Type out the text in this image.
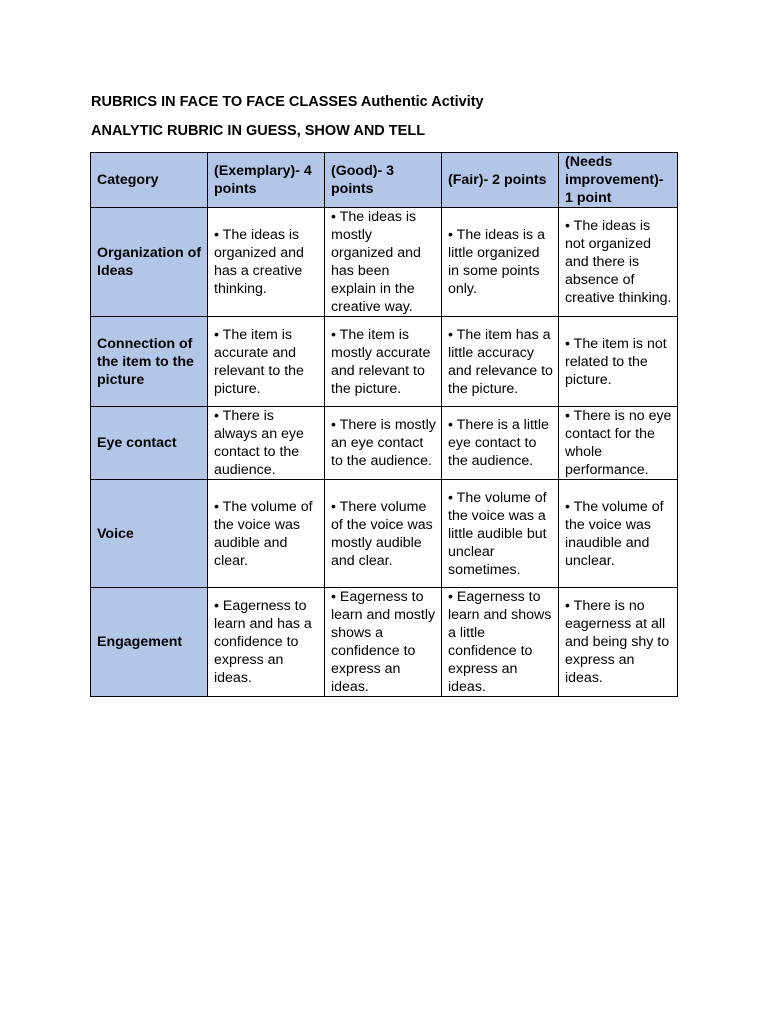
RUBRICS IN FACE TO FACE CLASSES Authentic Activity
ANALYTIC RUBRIC IN GUESS, SHOW AND TELL
Category	(Exemplary)- 4 points	(Good)- 3 points	(Fair)- 2 points	(Needs improvement)- 1 point
Organization of Ideas	• The ideas is organized and has a creative thinking.	• The ideas is mostly organized and has been explain in the creative way.	• The ideas is a little organized in some points only.	• The ideas is not organized and there is absence of creative thinking.
Connection of the item to the picture	• The item is accurate and relevant to the picture.	• The item is mostly accurate and relevant to the picture.	• The item has a little accuracy and relevance to the picture.	• The item is not related to the picture.
Eye contact	• There is always an eye contact to the audience.	• There is mostly an eye contact to the audience.	• There is a little eye contact to the audience.	• There is no eye contact for the whole performance.
Voice	• The volume of the voice was audible and clear.	• There volume of the voice was mostly audible and clear.	• The volume of the voice was a little audible but unclear sometimes.	• The volume of the voice was inaudible and unclear.
Engagement	• Eagerness to learn and has a confidence to express an ideas.	• Eagerness to learn and mostly shows a confidence to express an ideas.	• Eagerness to learn and shows a little confidence to express an ideas.	• There is no eagerness at all and being shy to express an ideas.
